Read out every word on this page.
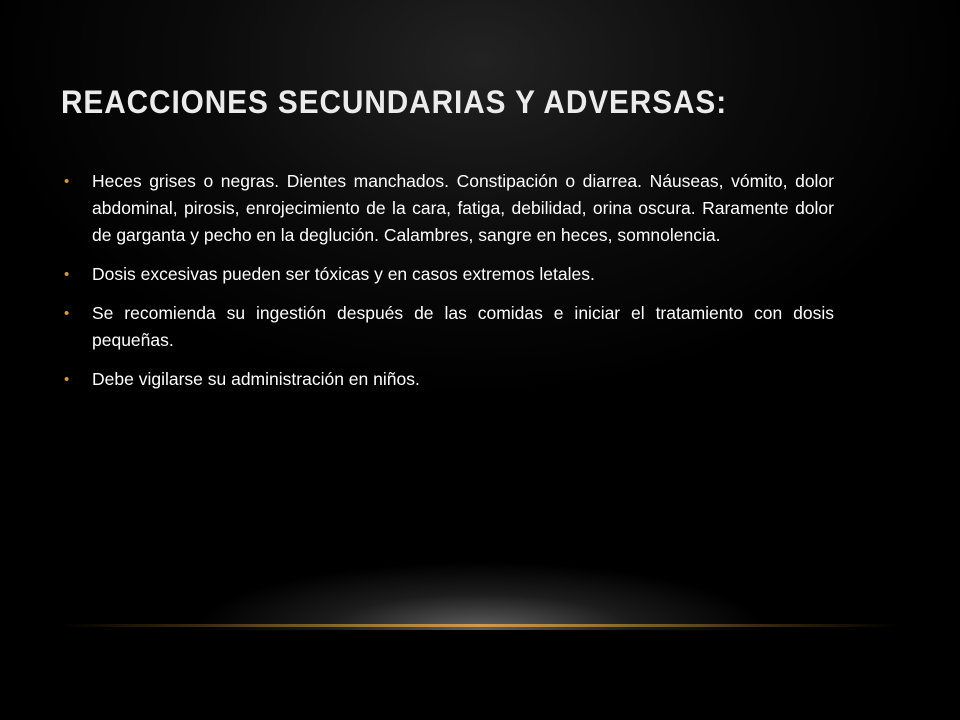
REACCIONES SECUNDARIAS Y ADVERSAS:
• Heces grises o negras. Dientes manchados. Constipación o diarrea. Náuseas, vómito, dolor abdominal, pirosis, enrojecimiento de la cara, fatiga, debilidad, orina oscura. Raramente dolor de garganta y pecho en la deglución. Calambres, sangre en heces, somnolencia.
• Dosis excesivas pueden ser tóxicas y en casos extremos letales.
• Se recomienda su ingestión después de las comidas e iniciar el tratamiento con dosis pequeñas.
• Debe vigilarse su administración en niños.
